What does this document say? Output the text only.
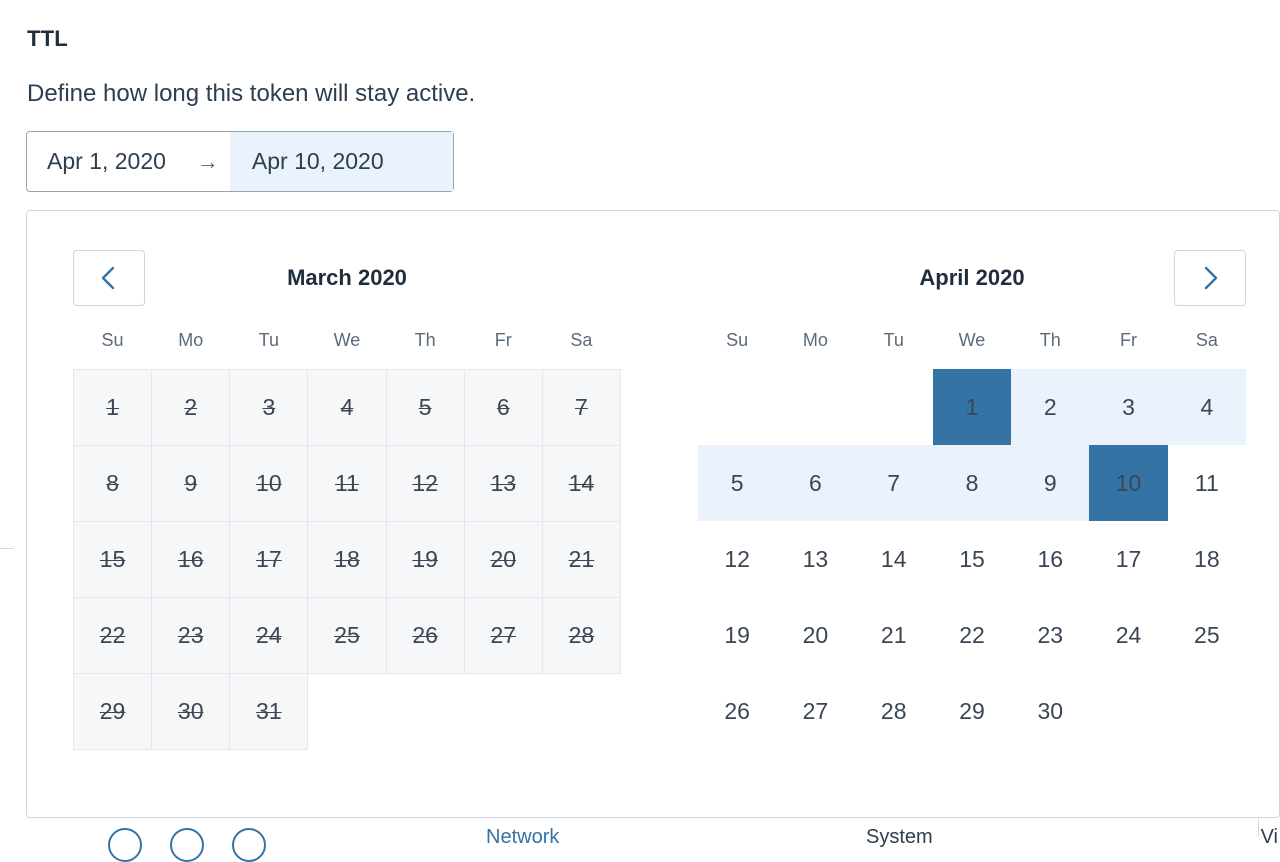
Vi
Network	System
TTL
Define how long this token will stay active.
Apr 1, 2020	→	Apr 10, 2020
March 2020
Su	Mo	Tu	We	Th	Fr	Sa
1	2	3	4	5	6	7
8	9	10	11	12	13	14
15	16	17	18	19	20	21
22	23	24	25	26	27	28
29	30	31				
April 2020
Su	Mo	Tu	We	Th	Fr	Sa
			1	2	3	4
5	6	7	8	9	10	11
12	13	14	15	16	17	18
19	20	21	22	23	24	25
26	27	28	29	30		
